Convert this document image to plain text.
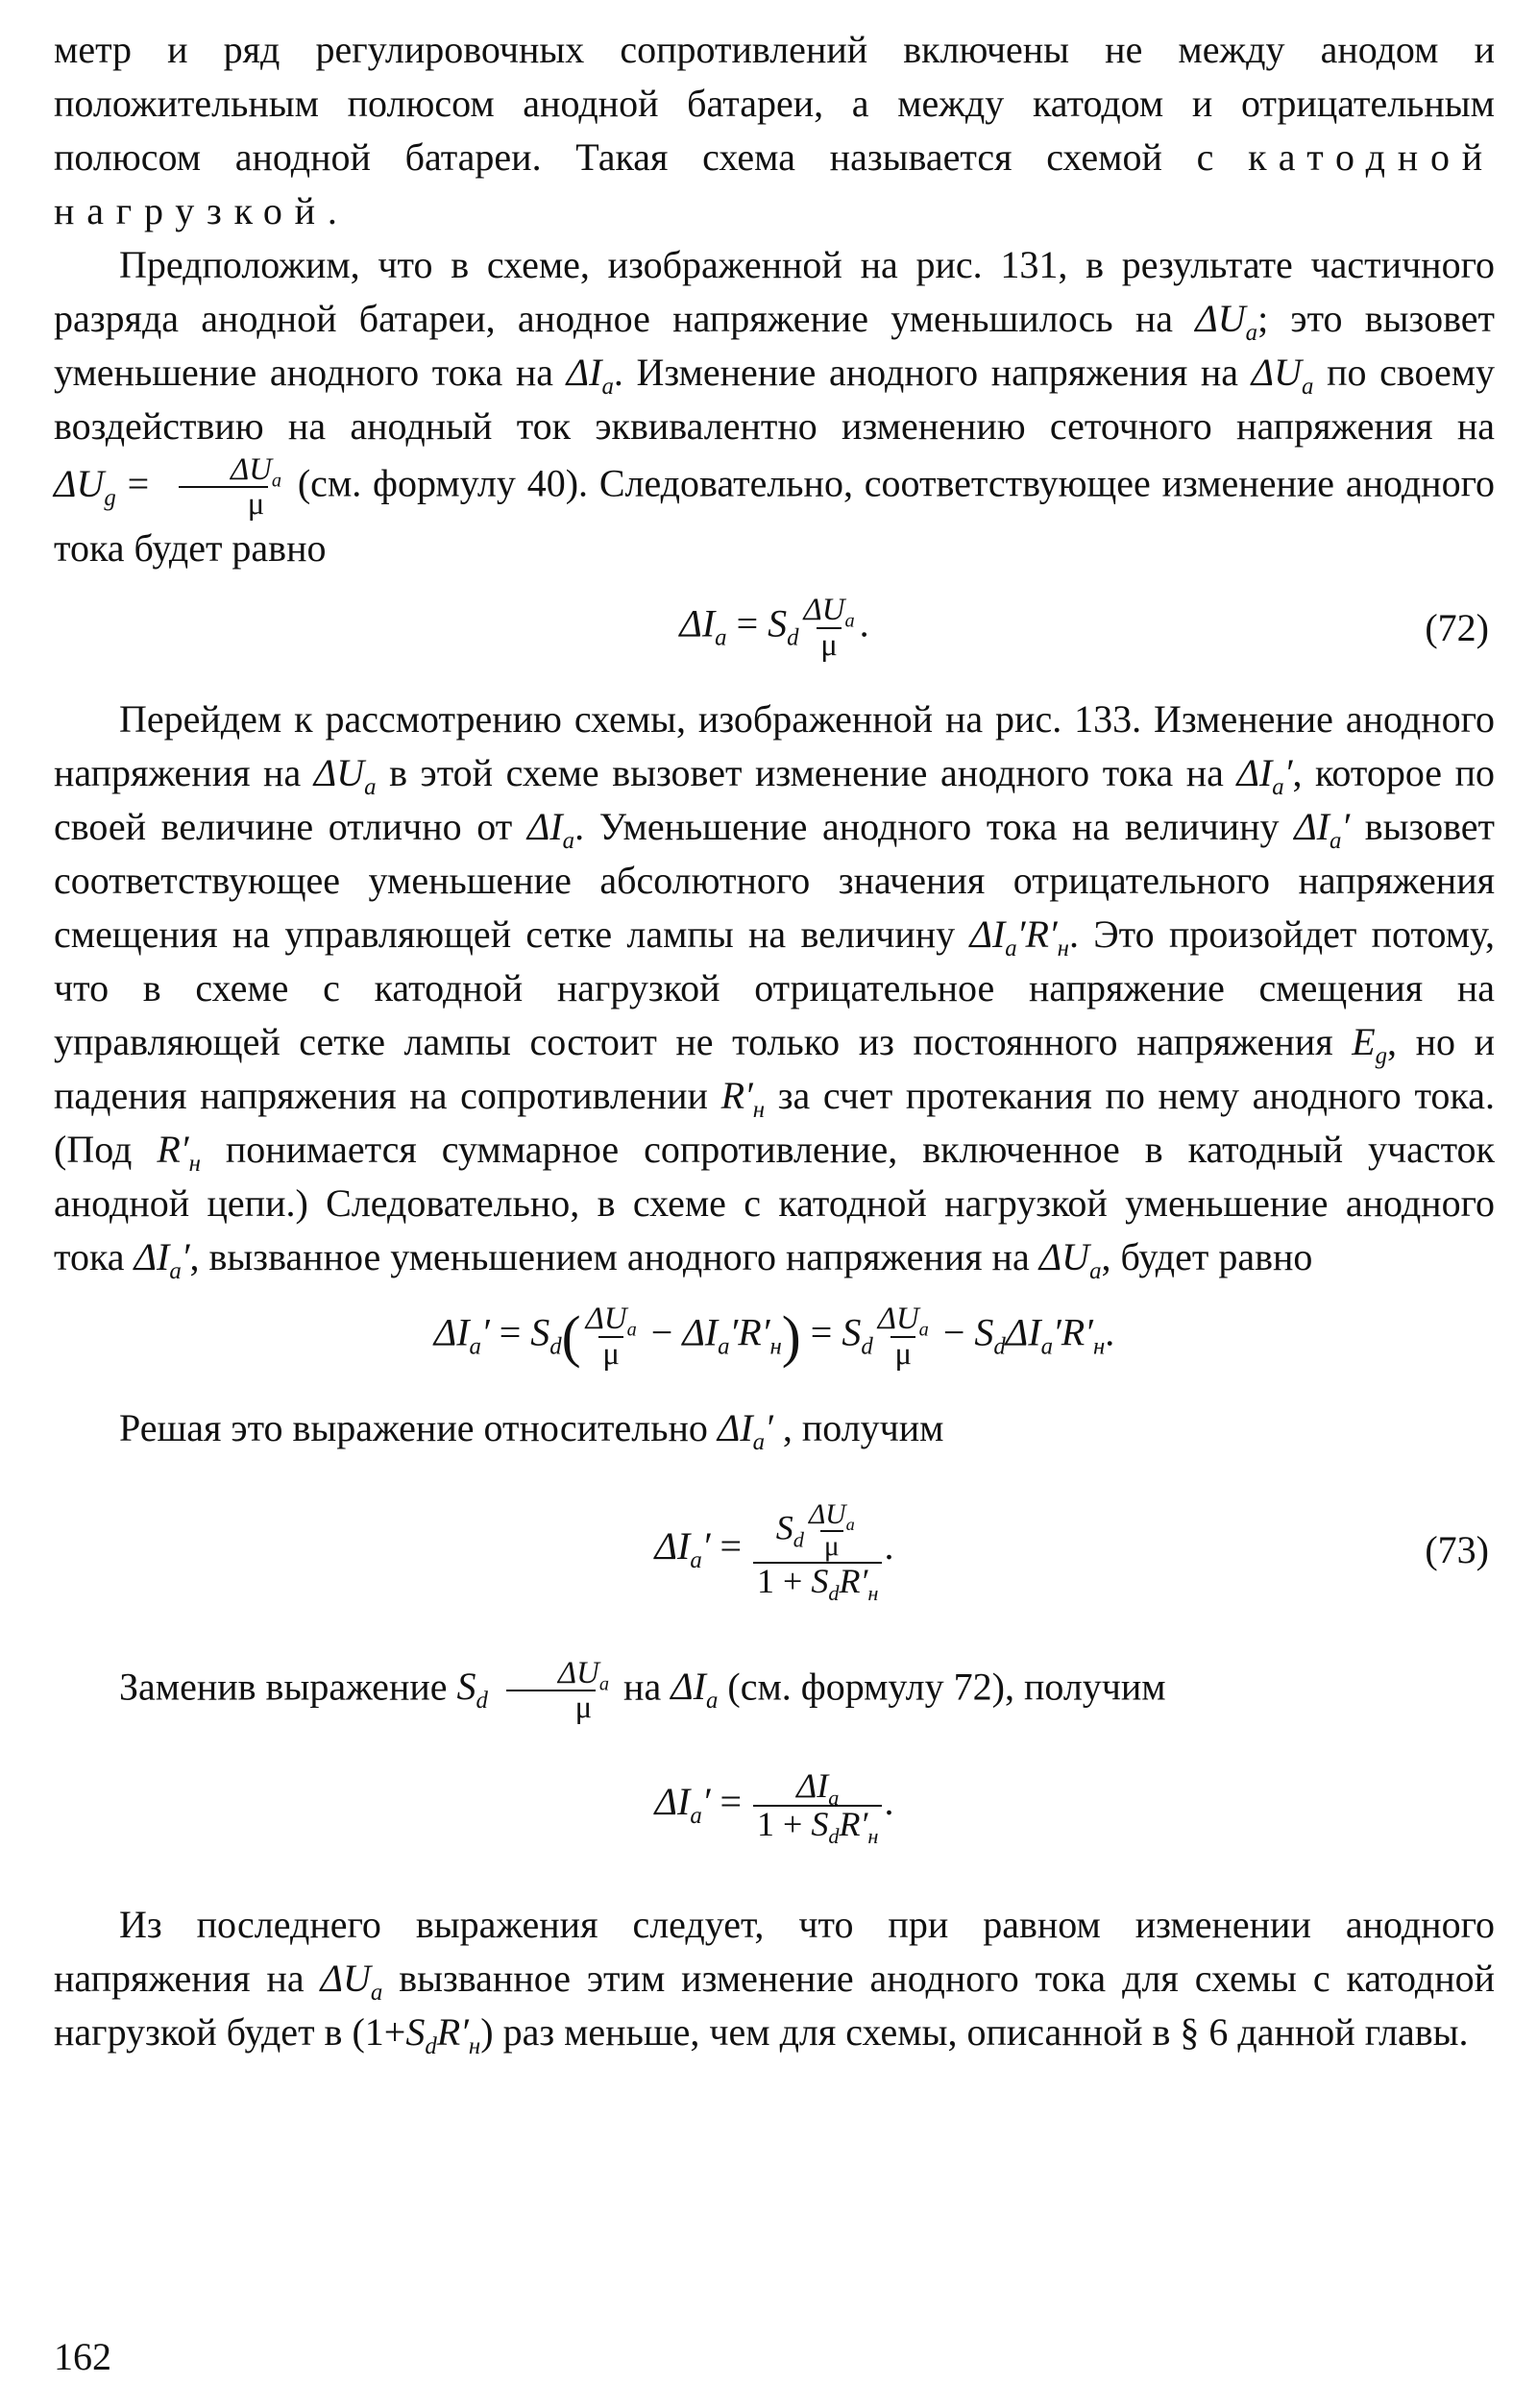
метр и ряд регулировочных сопротивлений включены не между анодом и положительным полюсом анодной батареи, а между катодом и отрицательным полюсом анодной батареи. Такая схема называется схемой с катодной нагрузкой.

Предположим, что в схеме, изображенной на рис. 131, в результате частичного разряда анодной батареи, анодное напряжение уменьшилось на $\Delta U_a$; это вызовет уменьшение анодного тока на $\Delta I_a$. Изменение анодного напряжения на $\Delta U_a$ по своему воздействию на анодный ток эквивалентно изменению сеточного напряжения на $\Delta U_g = \frac{\Delta U_a}{\mu} (см$. формулу 40). Следовательно, соответствующее изменение анодного тока будет равно

$\Delta I_a = S_d \frac{\Delta U_a}{\mu}$ .	(72)

Перейдем к рассмотрению схемы, изображенной на рис. 133. Изменение анодного напряжения на $\Delta U_a$ в этой схеме вызовет изменение анодного тока на $\Delta I_a'$, которое по своей величине отлично от $\Delta I_a$. Уменьшение анодного тока на величину $\Delta I_a'$ вызовет соответствующее уменьшение абсолютного значения отрицательного напряжения смещения на управляющей сетке лампы на величину $\Delta I_a'R'_н$. Это произойдет потому, что в схеме с катодной нагрузкой отрицательное напряжение смещения на управляющей сетке лампы состоит не только из постоянного напряжения $E_g$, но и падения напряжения на сопротивлении $R'_н$ за счет протекания по нему анодного тока. (Под $R'_н$ понимается суммарное сопротивление, включенное в катодный участок анодной цепи.) Следовательно, в схеме с катодной нагрузкой уменьшение анодного тока $\Delta I_a'$, вызванное уменьшением анодного напряжения на $\Delta U_a$, будет равно

$\Delta I_a' = S_d( \frac{\Delta U_a}{\mu} - \Delta I_a'R'_н) = S_d \frac{\Delta U_a}{\mu} - S_d\Delta I_a'R'_н$.

Решая это выражение относительно $\Delta I_a'$ , получим

$\Delta I_a' = \frac{S_d \frac{\Delta U_a}{\mu}}{1 + S_dR'_н}$ .	(73)

Заменив выражение $S_d \frac{\Delta U_a}{\mu}$ на $\Delta I_a$ (см. формулу 72), получим

$\Delta I_a' = \frac{\Delta I_a}{1 + S_dR'_н}$ .

Из последнего выражения следует, что при равном изменении анодного напряжения на $\Delta U_a$ вызванное этим изменение анодного тока для схемы с катодной нагрузкой будет в $(1+S_dR'_н)$ раз меньше, чем для схемы, описанной в § 6 данной главы.

162
